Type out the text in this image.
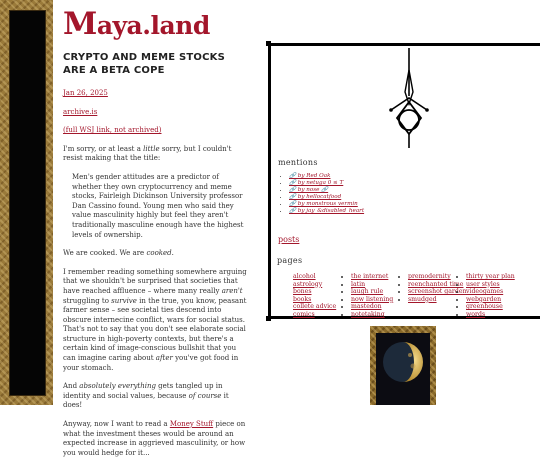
Maya.land
CRYPTO AND MEME STOCKS ARE A BETA COPE

Jan 26, 2025

archive.is

(full WSJ link, not archived)

I'm sorry, or at least a little sorry, but I couldn't resist making that the title:

Men's gender attitudes are a predictor of whether they own cryptocurrency and meme stocks, Fairleigh Dickinson University professor Dan Cassino found. Young men who said they value masculinity highly but feel they aren't traditionally masculine enough have the highest levels of ownership.

We are cooked. We are cooked.

I remember reading something somewhere arguing that we shouldn't be surprised that societies that have reached affluence – where many really aren't struggling to survive in the true, you know, peasant farmer sense – see societal ties descend into obscure internecine conflict, wars for social status. That's not to say that you don't see elaborate social structure in high-poverty contexts, but there's a certain kind of image-conscious bullshit that you can imagine caring about after you've got food in your stomach.

And absolutely everything gets tangled up in identity and social values, because of course it does!

Anyway, now I want to read a Money Stuff piece on what the investment theses would be around an expected increase in aggrieved masculinity, or how you would hedge for it...

mentions
• 🔗 by Red Oak
• 🔗 by netuga 0 ≤ T
• 🔗 by nose 🔗
• 🔗 by hellocatfood
• 🔗 by monstrous vermin
• 🔗 by jay_&disabled_heart
posts
pages
• alcohol
• astrology
• bones
• books
• collete advice
• comics
• the internet
• latin
• laugh rule
• now listening
• mastedon
• notetaking
• premodernity
• reenchanted time
• screenshot garden
• smudged
• thirty year plan
• user styles
• videogames
• webgarden
• greenhouse
• words
